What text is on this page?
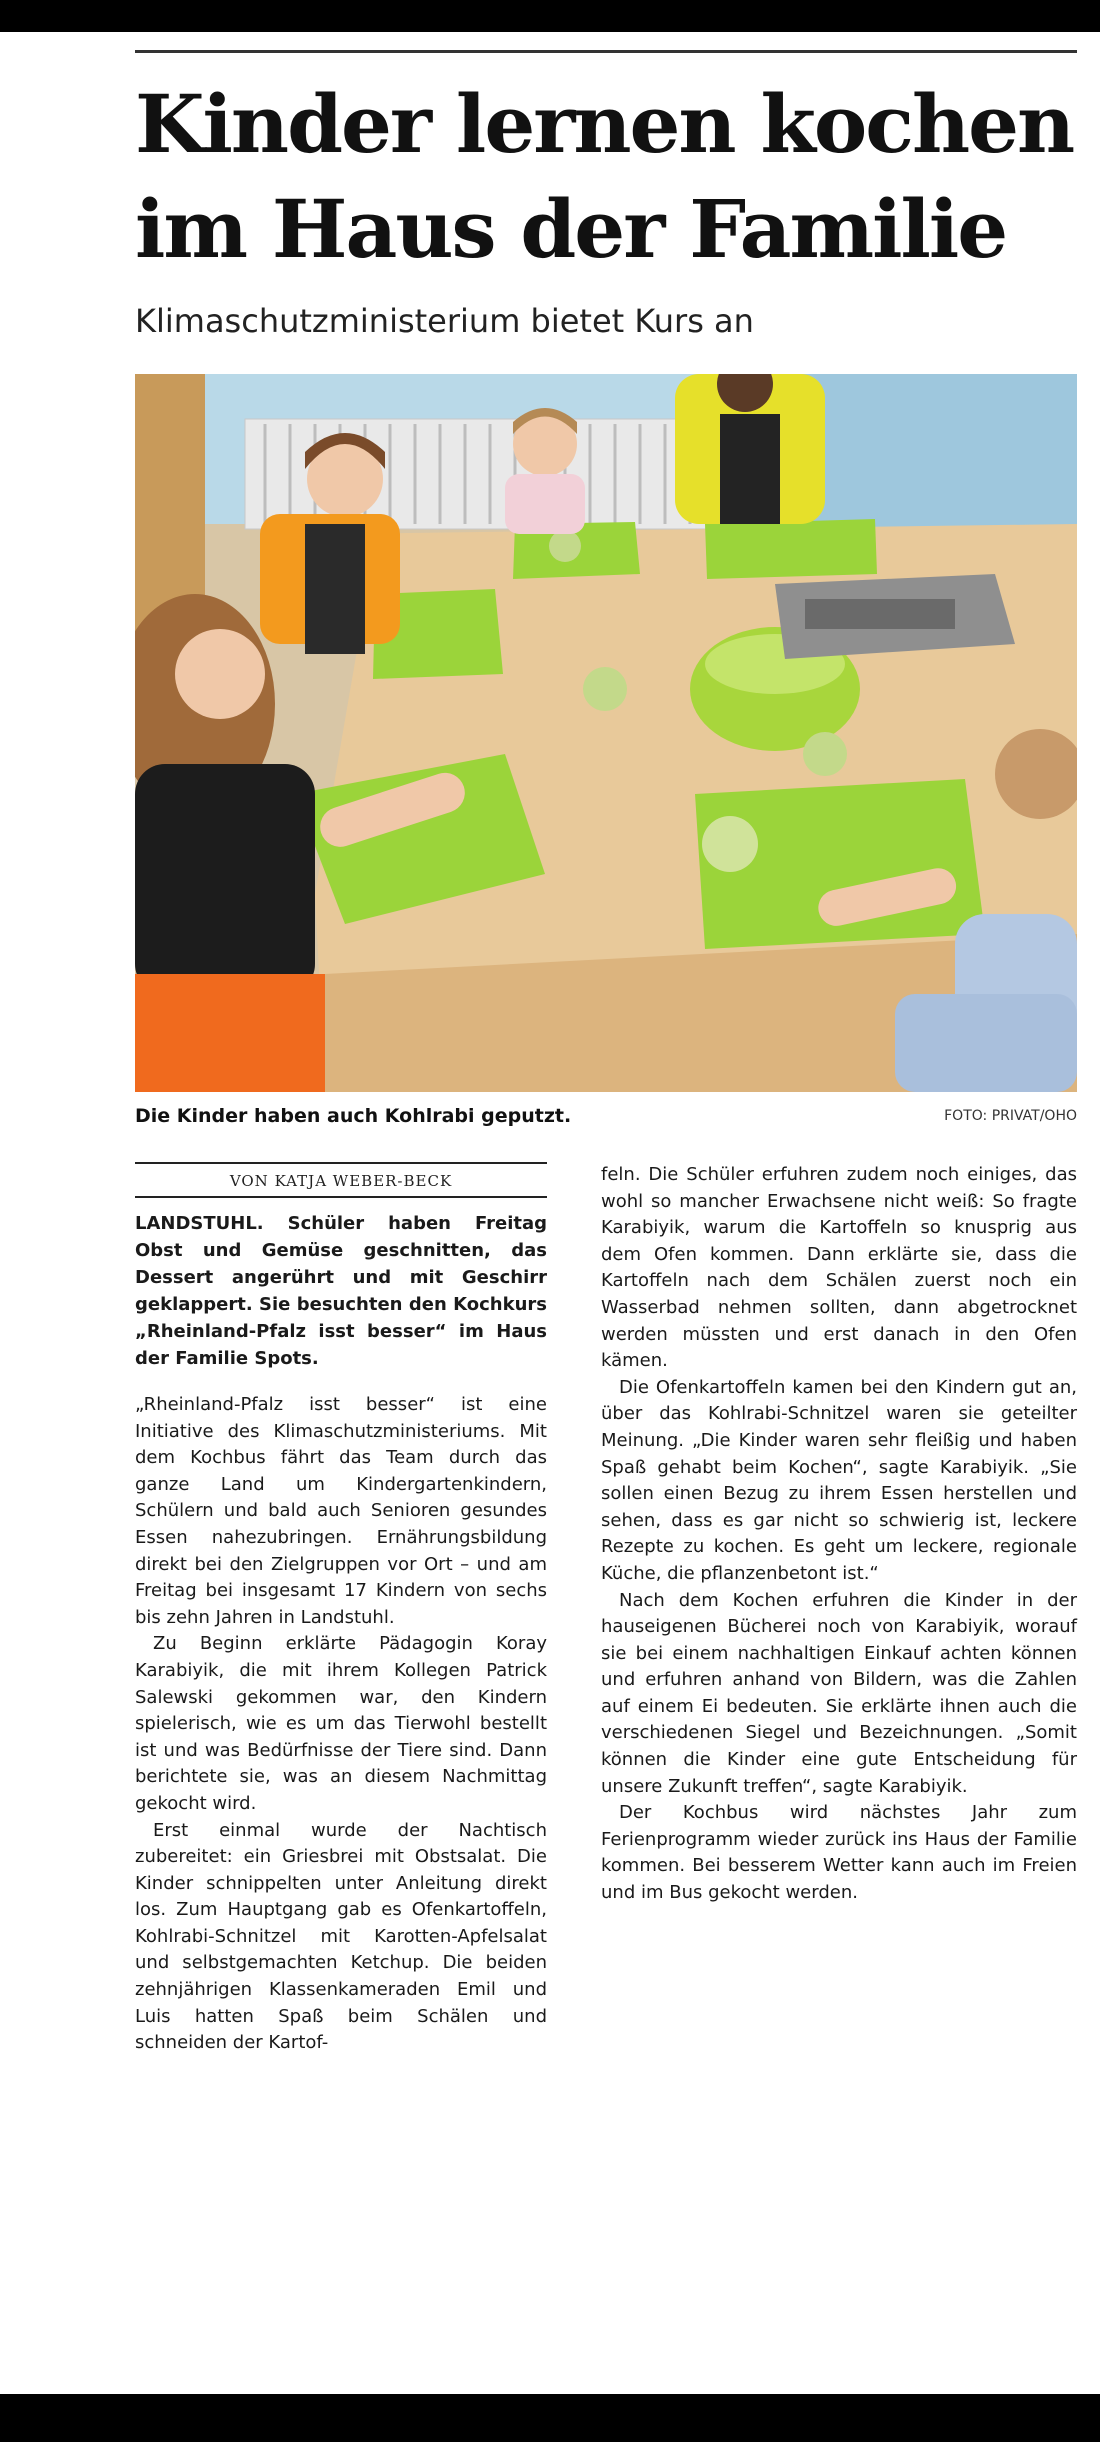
Kinder lernen kochen
im Haus der Familie
Klimaschutzministerium bietet Kurs an
Die Kinder haben auch Kohlrabi geputzt.	FOTO: PRIVAT/OHO
VON KATJA WEBER-BECK

LANDSTUHL. Schüler haben Freitag Obst und Gemüse geschnitten, das Dessert angerührt und mit Geschirr geklappert. Sie besuchten den Kochkurs „Rheinland-Pfalz isst besser“ im Haus der Familie Spots.

„Rheinland-Pfalz isst besser“ ist eine Initiative des Klimaschutzministeriums. Mit dem Kochbus fährt das Team durch das ganze Land um Kindergartenkindern, Schülern und bald auch Senioren gesundes Essen nahezubringen. Ernährungsbildung direkt bei den Zielgruppen vor Ort – und am Freitag bei insgesamt 17 Kindern von sechs bis zehn Jahren in Landstuhl.

Zu Beginn erklärte Pädagogin Koray Karabiyik, die mit ihrem Kollegen Patrick Salewski gekommen war, den Kindern spielerisch, wie es um das Tierwohl bestellt ist und was Bedürfnisse der Tiere sind. Dann berichtete sie, was an diesem Nachmittag gekocht wird.

Erst einmal wurde der Nachtisch zubereitet: ein Griesbrei mit Obstsalat. Die Kinder schnippelten unter Anleitung direkt los. Zum Hauptgang gab es Ofenkartoffeln, Kohlrabi-Schnitzel mit Karotten-Apfelsalat und selbstgemachten Ketchup. Die beiden zehnjährigen Klassenkameraden Emil und Luis hatten Spaß beim Schälen und schneiden der Kartof-

feln. Die Schüler erfuhren zudem noch einiges, das wohl so mancher Erwachsene nicht weiß: So fragte Karabiyik, warum die Kartoffeln so knusprig aus dem Ofen kommen. Dann erklärte sie, dass die Kartoffeln nach dem Schälen zuerst noch ein Wasserbad nehmen sollten, dann abgetrocknet werden müssten und erst danach in den Ofen kämen.

Die Ofenkartoffeln kamen bei den Kindern gut an, über das Kohlrabi-Schnitzel waren sie geteilter Meinung. „Die Kinder waren sehr fleißig und haben Spaß gehabt beim Kochen“, sagte Karabiyik. „Sie sollen einen Bezug zu ihrem Essen herstellen und sehen, dass es gar nicht so schwierig ist, leckere Rezepte zu kochen. Es geht um leckere, regionale Küche, die pflanzenbetont ist.“

Nach dem Kochen erfuhren die Kinder in der hauseigenen Bücherei noch von Karabiyik, worauf sie bei einem nachhaltigen Einkauf achten können und erfuhren anhand von Bildern, was die Zahlen auf einem Ei bedeuten. Sie erklärte ihnen auch die verschiedenen Siegel und Bezeichnungen. „Somit können die Kinder eine gute Entscheidung für unsere Zukunft treffen“, sagte Karabiyik.

Der Kochbus wird nächstes Jahr zum Ferienprogramm wieder zurück ins Haus der Familie kommen. Bei besserem Wetter kann auch im Freien und im Bus gekocht werden.
